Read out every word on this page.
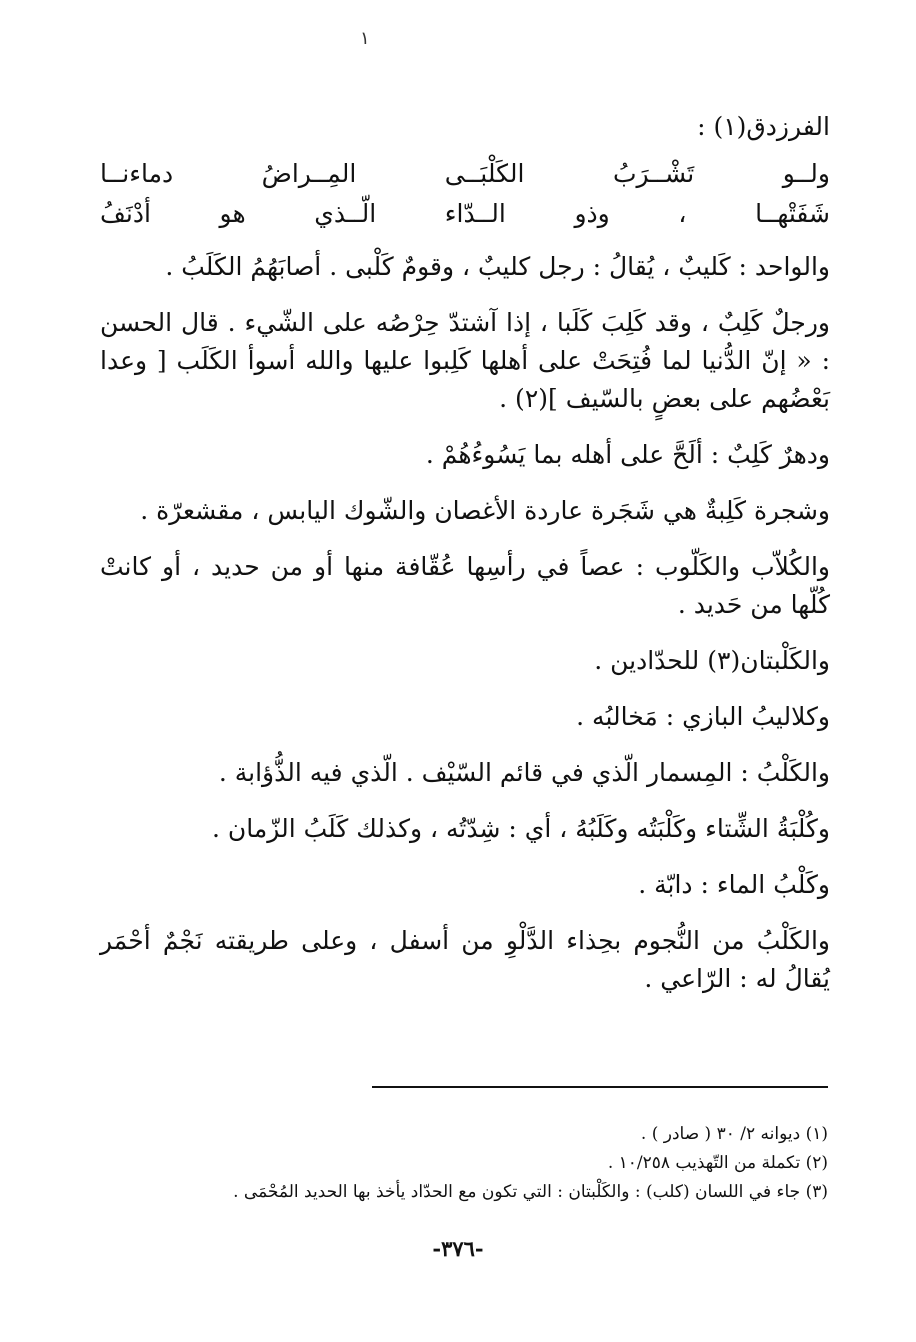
١

الفرزدق(١) :

ولــو تَشْــرَبُ الكَلْبَــى المِــراضُ دماءنــا

شَفَتْهــا ، وذو الــدّاء الّــذي هو أدْنَفُ

والواحد : كَليبٌ ، يُقالُ : رجل كليبٌ ، وقومٌ كَلْبى . أصابَهُمُ الكَلَبُ .

ورجلٌ كَلِبٌ ، وقد كَلِبَ كَلَبا ، إذا آشتدّ حِرْصُه على الشّيء . قال الحسن : « إنّ الدُّنيا لما فُتِحَتْ على أهلها كَلِبوا عليها والله أسوأ الكَلَب [ وعدا بَعْضُهم على بعضٍ بالسّيف ](٢) .

ودهرٌ كَلِبٌ : ألَحَّ على أهله بما يَسُوءُهُمْ .

وشجرة كَلِبةٌ هي شَجَرة عاردة الأغصان والشّوك اليابس ، مقشعرّة .

والكُلاّب والكَلّوب : عصاً في رأسِها عُقّافة منها أو من حديد ، أو كانتْ كُلّها من حَديد .

والكَلْبتان(٣) للحدّادين .

وكلاليبُ البازي : مَخالبُه .

والكَلْبُ : المِسمار الّذي في قائم السّيْف . الّذي فيه الذُّؤابة .

وكُلْبَةُ الشِّتاء وكَلْبَتُه وكَلَبُهُ ، أي : شِدّتُه ، وكذلك كَلَبُ الزّمان .

وكَلْبُ الماء : دابّة .

والكَلْبُ من النُّجوم بحِذاء الدَّلْوِ من أسفل ، وعلى طريقته نَجْمٌ أحْمَر يُقالُ له : الرّاعي .

(١) ديوانه ٢/ ٣٠ ( صادر ) .

(٢) تكملة من التّهذيب ١٠/٢٥٨ .

(٣) جاء في اللسان (كلب) : والكَلْبتان : التي تكون مع الحدّاد يأخذ بها الحديد المُحْمَى .

-٣٧٦-
